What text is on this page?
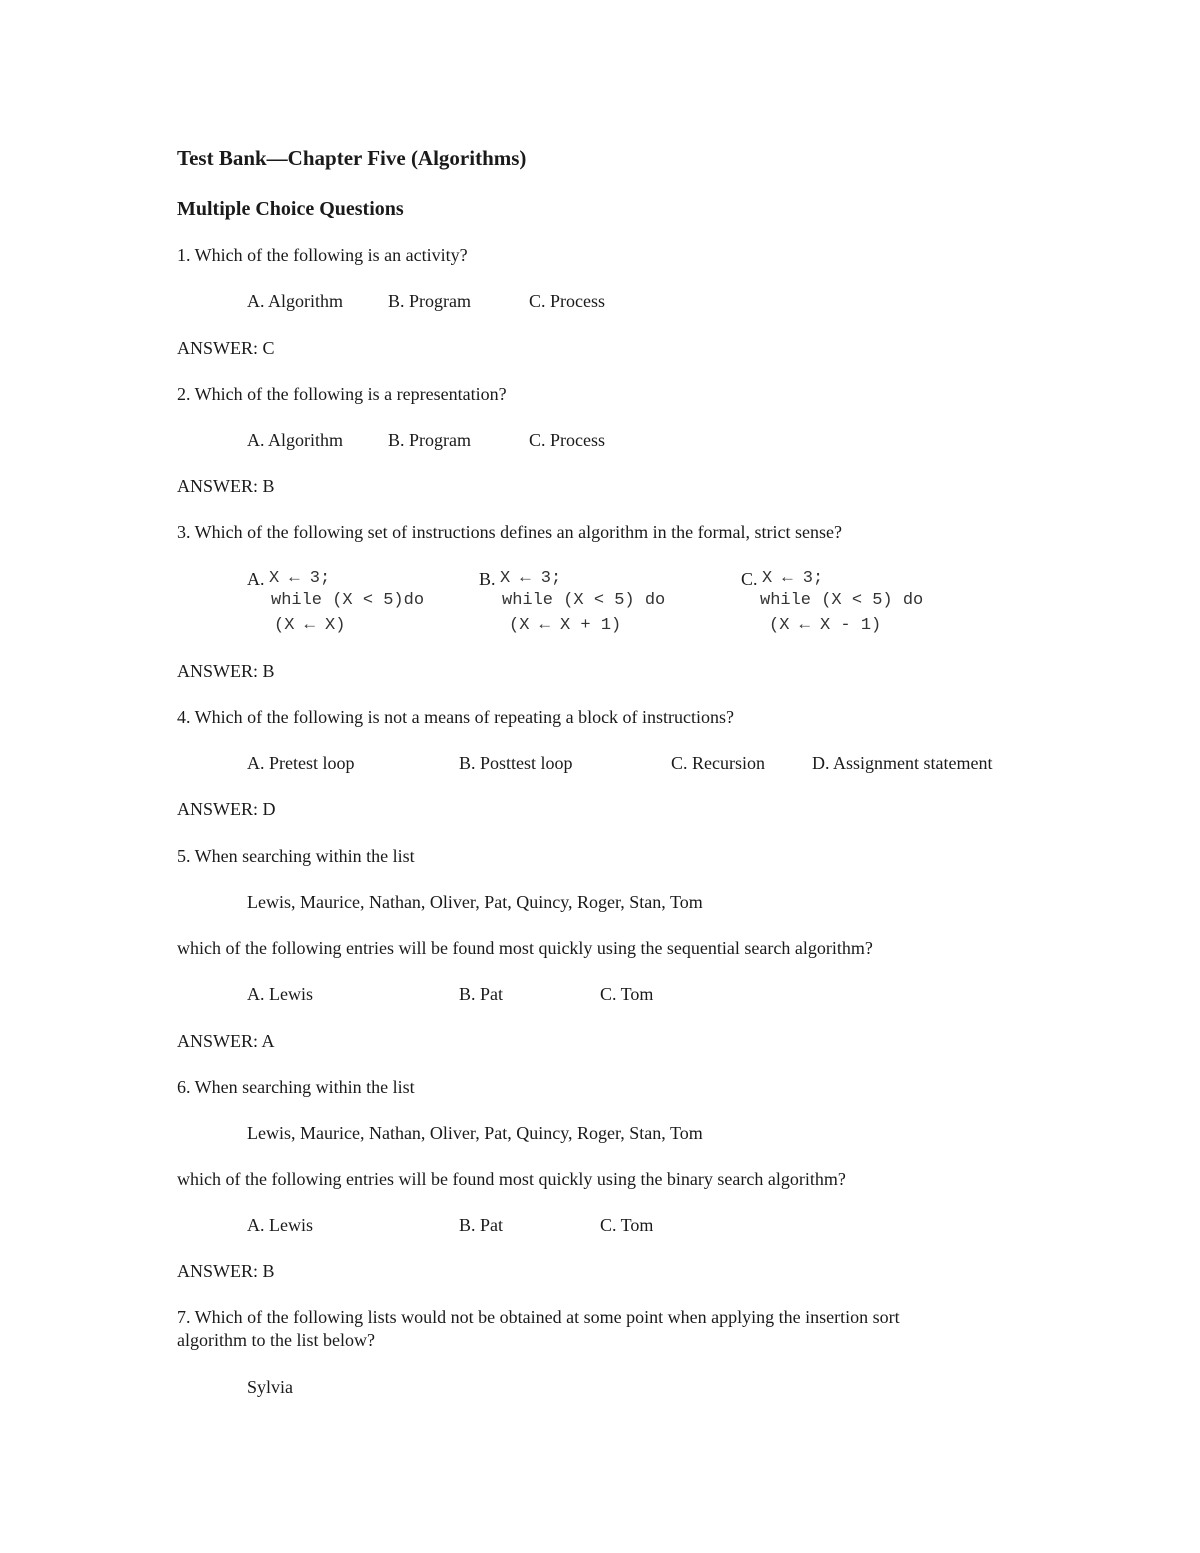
Test Bank—Chapter Five (Algorithms)
Multiple Choice Questions
1. Which of the following is an activity?
A. Algorithm B. Program	C. Process
ANSWER: C
2. Which of the following is a representation?
A. Algorithm B. Program	C. Process
ANSWER: B
3. Which of the following set of instructions defines an algorithm in the formal, strict sense?
A. X ← 3;
while (X < 5)do
(X ← X)
B. X ← 3;
while (X < 5) do
(X ← X + 1)
C. X ← 3;
while (X < 5) do
(X ← X - 1)
ANSWER: B
4. Which of the following is not a means of repeating a block of instructions?
A. Pretest loop	B. Posttest loop	C. Recursion	D. Assignment statement
ANSWER: D
5. When searching within the list
Lewis, Maurice, Nathan, Oliver, Pat, Quincy, Roger, Stan, Tom
which of the following entries will be found most quickly using the sequential search algorithm?
A. Lewis	B. Pat	C. Tom
ANSWER: A
6. When searching within the list
Lewis, Maurice, Nathan, Oliver, Pat, Quincy, Roger, Stan, Tom
which of the following entries will be found most quickly using the binary search algorithm?
A. Lewis	B. Pat	C. Tom
ANSWER: B
7. Which of the following lists would not be obtained at some point when applying the insertion sort
algorithm to the list below?
Sylvia
